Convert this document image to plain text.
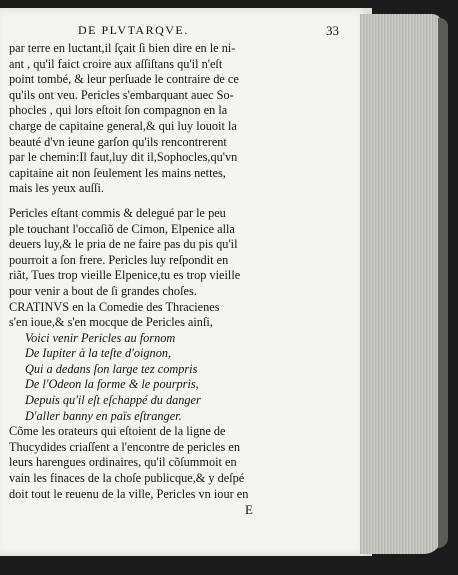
DE PLVTARQVE.	33
par terre en luctant,il ſçait ſi bien dire en le ni-
ant , qu'il faict croire aux aſſiſtans qu'il n'eſt
point tombé, & leur perſuade le contraire de ce
qu'ils ont veu. Pericles s'embarquant auec So-
phocles , qui lors eſtoit ſon compagnon en la
charge de capitaine general,& qui luy louoit la
beauté d'vn ieune garſon qu'ils rencontrerent
par le chemin:Il faut,luy dit il,Sophocles,qu'vn
capitaine ait non ſeulement les mains nettes,
mais les yeux auſſi.
Pericles eſtant commis & delegué par le peu
ple touchant l'occaſiõ de Cimon, Elpenice alla
deuers luy,& le pria de ne faire pas du pis qu'il
pourroit a ſon frere. Pericles luy reſpondit en
riãt, Tues trop vieille Elpenice,tu es trop vieille
pour venir a bout de ſi grandes choſes.
CRATINVS en la Comedie des Thracienes
s'en ioue,& s'en mocque de Pericles ainſi,
Voici venir Pericles au fornom
De Iupiter à la teſte d'oignon,
Qui a dedans ſon large tez compris
De l'Odeon la forme & le pourpris,
Depuis qu'il eſt eſchappé du danger
D'aller banny en païs eſtranger.
Cõme les orateurs qui eſtoient de la ligne de
Thucydides criaſſent a l'encontre de pericles en
leurs harengues ordinaires, qu'il cõſummoit en
vain les finaces de la choſe publicque,& y deſpé
doit tout le reuenu de la ville, Pericles vn iour en
E
